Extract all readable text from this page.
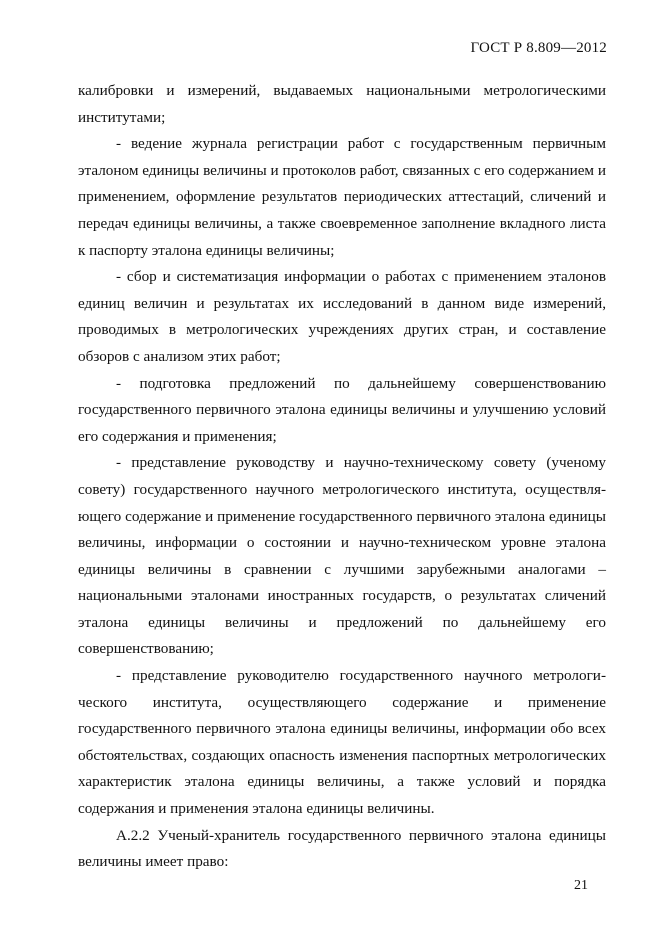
ГОСТ Р 8.809—2012

калибровки и измерений, выдаваемых национальными метрологическими институтами;

- ведение журнала регистрации работ с государственным первичным эталоном единицы величины и протоколов работ, связанных с его содержанием и применением, оформление результатов периодических аттестаций, сличений и передач единицы величины, а также своевременное заполнение вкладного листа к паспорту эталона единицы величины;

- сбор и систематизация информации о работах с применением эталонов единиц величин и результатах их исследований в данном виде измерений, проводимых в метрологических учреждениях других стран, и составление обзоров с анализом этих работ;

- подготовка предложений по дальнейшему совершенствованию государственного первичного эталона единицы величины и улучшению условий его содержания и применения;

- представление руководству и научно-техническому совету (ученому совету) государственного научного метрологического института, осуществляющего содержание и применение государственного первичного эталона единицы величины, информации о состоянии и научно-техническом уровне эталона единицы величины в сравнении с лучшими зарубежными аналогами – национальными эталонами иностранных государств, о результатах сличений эталона единицы величины и предложений по дальнейшему его совершенствованию;

- представление руководителю государственного научного метрологического института, осуществляющего содержание и применение государственного первичного эталона единицы величины, информации обо всех обстоятельствах, создающих опасность изменения паспортных метрологических характеристик эталона единицы величины, а также условий и порядка содержания и применения эталона единицы величины.

А.2.2 Ученый-хранитель государственного первичного эталона единицы величины имеет право:

21
